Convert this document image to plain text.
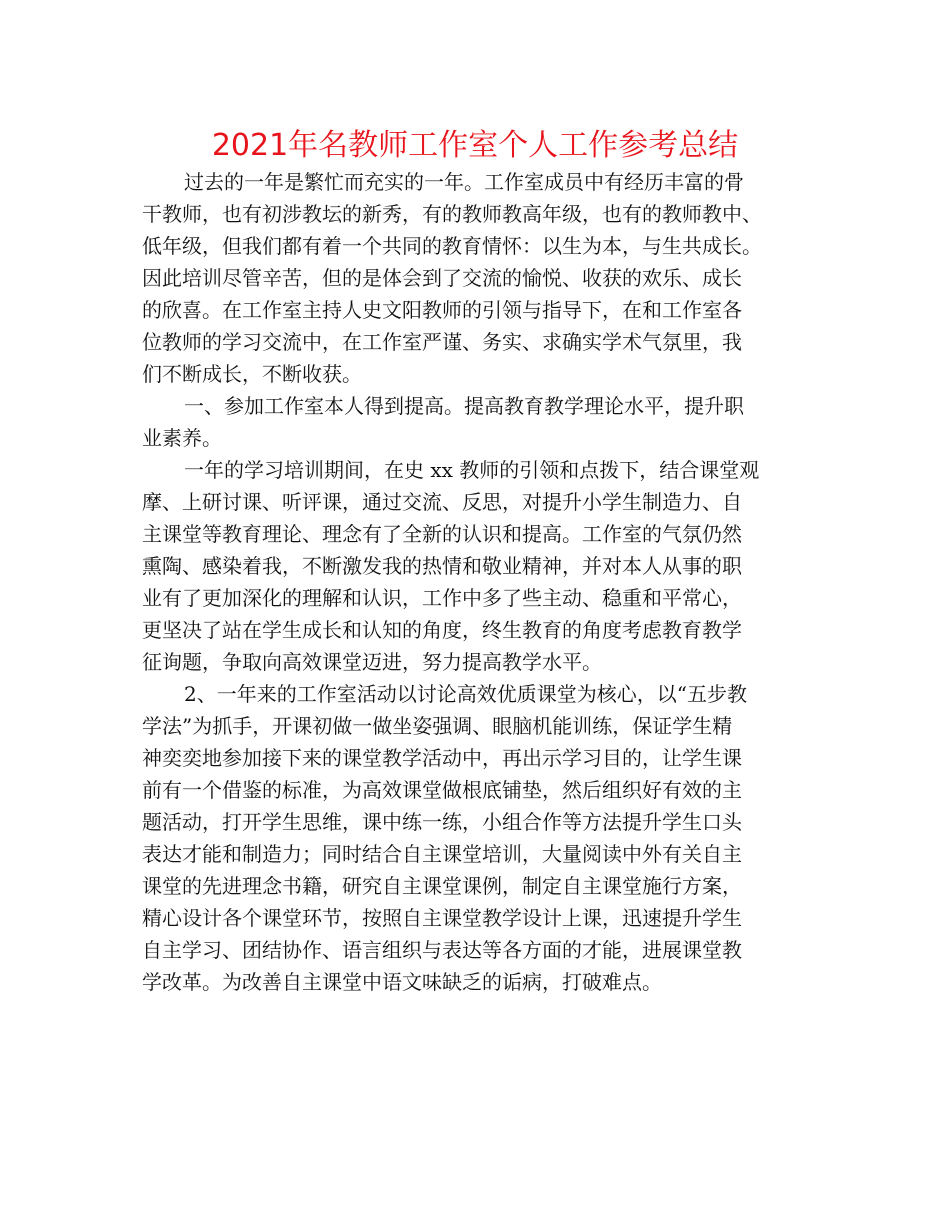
2021年名教师工作室个人工作参考总结
过去的一年是繁忙而充实的一年。工作室成员中有经历丰富的骨
干教师，也有初涉教坛的新秀，有的教师教高年级，也有的教师教中、
低年级，但我们都有着一个共同的教育情怀：以生为本，与生共成长。
因此培训尽管辛苦，但的是体会到了交流的愉悦、收获的欢乐、成长
的欣喜。在工作室主持人史文阳教师的引领与指导下，在和工作室各
位教师的学习交流中，在工作室严谨、务实、求确实学术气氛里，我
们不断成长，不断收获。
一、参加工作室本人得到提高。提高教育教学理论水平，提升职
业素养。
一年的学习培训期间，在史 xx 教师的引领和点拨下，结合课堂观
摩、上研讨课、听评课，通过交流、反思，对提升小学生制造力、自
主课堂等教育理论、理念有了全新的认识和提高。工作室的气氛仍然
熏陶、感染着我，不断激发我的热情和敬业精神，并对本人从事的职
业有了更加深化的理解和认识，工作中多了些主动、稳重和平常心，
更坚决了站在学生成长和认知的角度，终生教育的角度考虑教育教学
征询题，争取向高效课堂迈进，努力提高教学水平。
2、一年来的工作室活动以讨论高效优质课堂为核心，以“五步教
学法”为抓手，开课初做一做坐姿强调、眼脑机能训练，保证学生精
神奕奕地参加接下来的课堂教学活动中，再出示学习目的，让学生课
前有一个借鉴的标准，为高效课堂做根底铺垫，然后组织好有效的主
题活动，打开学生思维，课中练一练，小组合作等方法提升学生口头
表达才能和制造力；同时结合自主课堂培训，大量阅读中外有关自主
课堂的先进理念书籍，研究自主课堂课例，制定自主课堂施行方案，
精心设计各个课堂环节，按照自主课堂教学设计上课，迅速提升学生
自主学习、团结协作、语言组织与表达等各方面的才能，进展课堂教
学改革。为改善自主课堂中语文味缺乏的诟病，打破难点。
